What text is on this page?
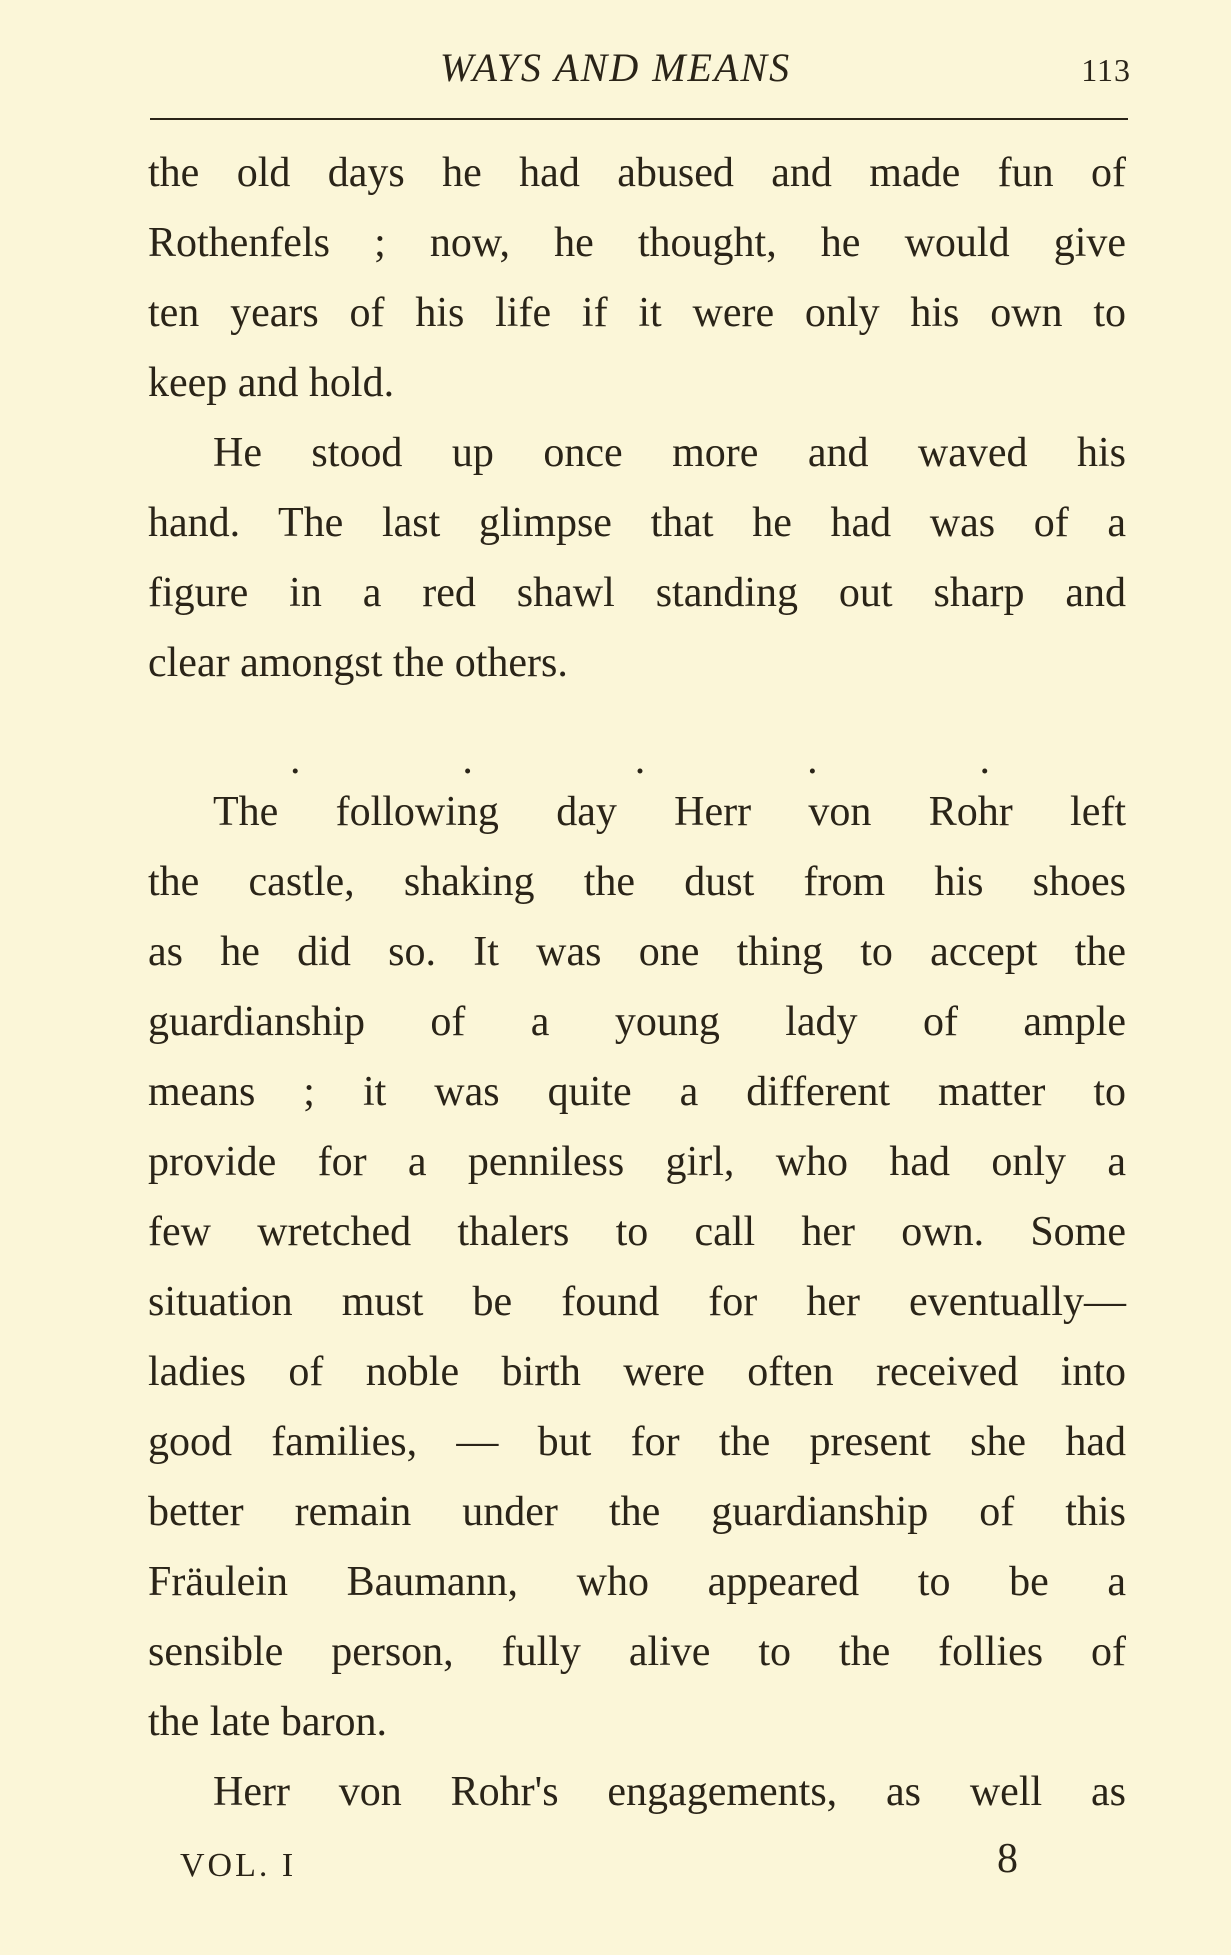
WAYS AND MEANS	113

the old days he had abused and made fun of

Rothenfels ; now, he thought, he would give

ten years of his life if it were only his own to

keep and hold.

He stood up once more and waved his

hand. The last glimpse that he had was of a

figure in a red shawl standing out sharp and

clear amongst the others.

.	.	.	.	.

The following day Herr von Rohr left

the castle, shaking the dust from his shoes

as he did so. It was one thing to accept the

guardianship of a young lady of ample

means ; it was quite a different matter to

provide for a penniless girl, who had only a

few wretched thalers to call her own. Some

situation must be found for her eventually—

ladies of noble birth were often received into

good families, — but for the present she had

better remain under the guardianship of this

Fräulein Baumann, who appeared to be a

sensible person, fully alive to the follies of

the late baron.

Herr von Rohr's engagements, as well as

VOL. I	8
